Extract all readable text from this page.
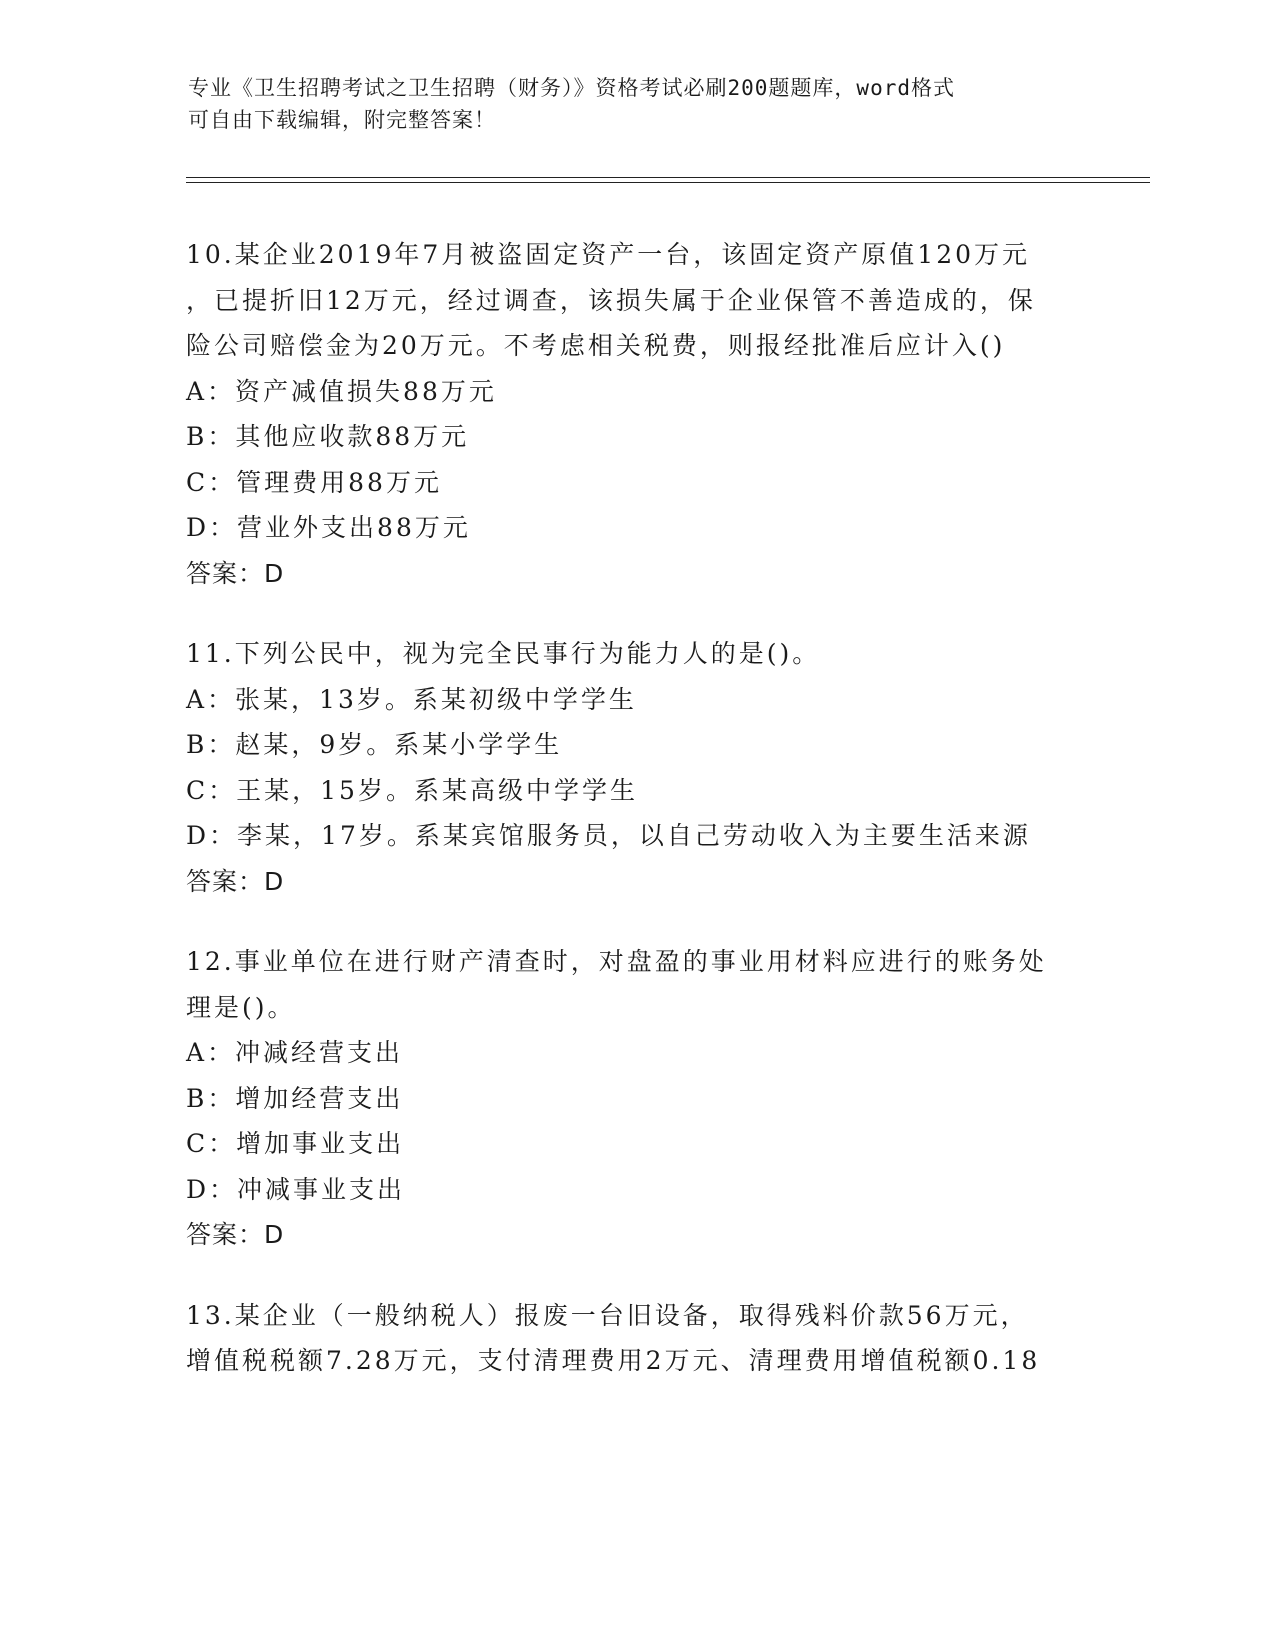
专业《卫生招聘考试之卫生招聘（财务）》资格考试必刷200题题库，word格式
可自由下载编辑，附完整答案！
10.某企业2019年7月被盗固定资产一台，该固定资产原值120万元
，已提折旧12万元，经过调查，该损失属于企业保管不善造成的，保
险公司赔偿金为20万元。不考虑相关税费，则报经批准后应计入()
A：资产减值损失88万元
B：其他应收款88万元
C：管理费用88万元
D：营业外支出88万元
答案：D
11.下列公民中，视为完全民事行为能力人的是()。
A：张某，13岁。系某初级中学学生
B：赵某，9岁。系某小学学生
C：王某，15岁。系某高级中学学生
D：李某，17岁。系某宾馆服务员，以自己劳动收入为主要生活来源
答案：D
12.事业单位在进行财产清查时，对盘盈的事业用材料应进行的账务处
理是()。
A：冲减经营支出
B：增加经营支出
C：增加事业支出
D：冲减事业支出
答案：D
13.某企业（一般纳税人）报废一台旧设备，取得残料价款56万元，
增值税税额7.28万元，支付清理费用2万元、清理费用增值税额0.18
